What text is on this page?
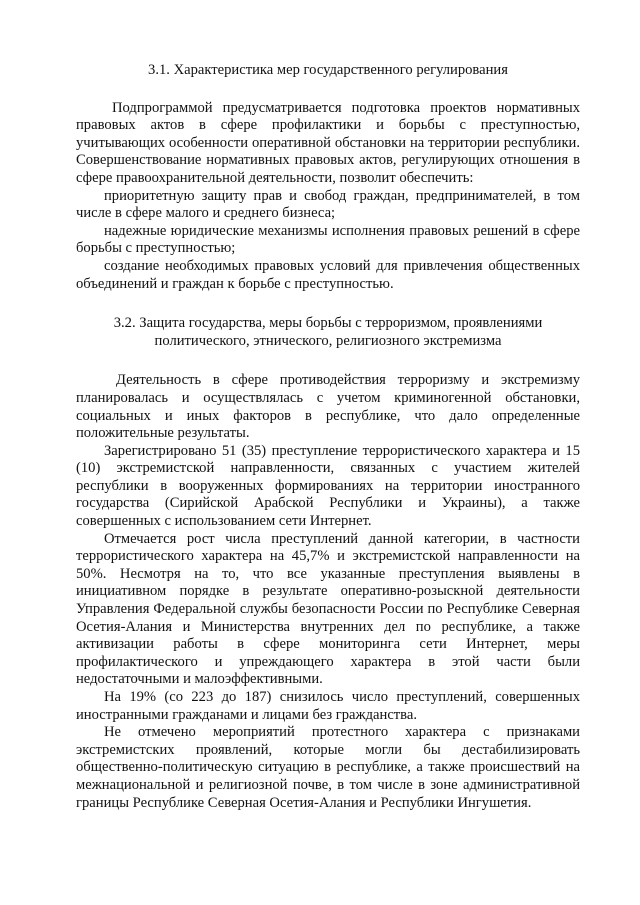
3.1. Характеристика мер государственного регулирования

Подпрограммой предусматривается подготовка проектов нормативных правовых актов в сфере профилактики и борьбы с преступностью, учитывающих особенности оперативной обстановки на территории республики. Совершенствование нормативных правовых актов, регулирующих отношения в сфере правоохранительной деятельности, позволит обеспечить:

приоритетную защиту прав и свобод граждан, предпринимателей, в том числе в сфере малого и среднего бизнеса;

надежные юридические механизмы исполнения правовых решений в сфере борьбы с преступностью;

создание необходимых правовых условий для привлечения общественных объединений и граждан к борьбе с преступностью.

3.2. Защита государства, меры борьбы с терроризмом, проявлениями
политического, этнического, религиозного экстремизма

Деятельность в сфере противодействия терроризму и экстремизму планировалась и осуществлялась с учетом криминогенной обстановки, социальных и иных факторов в республике, что дало определенные положительные результаты.

Зарегистрировано 51 (35) преступление террористического характера и 15 (10) экстремистской направленности, связанных с участием жителей республики в вооруженных формированиях на территории иностранного государства (Сирийской Арабской Республики и Украины), а также совершенных с использованием сети Интернет.

Отмечается рост числа преступлений данной категории, в частности террористического характера на 45,7% и экстремистской направленности на 50%. Несмотря на то, что все указанные преступления выявлены в инициативном порядке в результате оперативно-розыскной деятельности Управления Федеральной службы безопасности России по Республике Северная Осетия-Алания и Министерства внутренних дел по республике, а также активизации работы в сфере мониторинга сети Интернет, меры профилактического и упреждающего характера в этой части были недостаточными и малоэффективными.

На 19% (со 223 до 187) снизилось число преступлений, совершенных иностранными гражданами и лицами без гражданства.

Не отмечено мероприятий протестного характера с признаками экстремистских проявлений, которые могли бы дестабилизировать общественно-политическую ситуацию в республике, а также происшествий на межнациональной и религиозной почве, в том числе в зоне административной границы Республике Северная Осетия-Алания и Республики Ингушетия.
